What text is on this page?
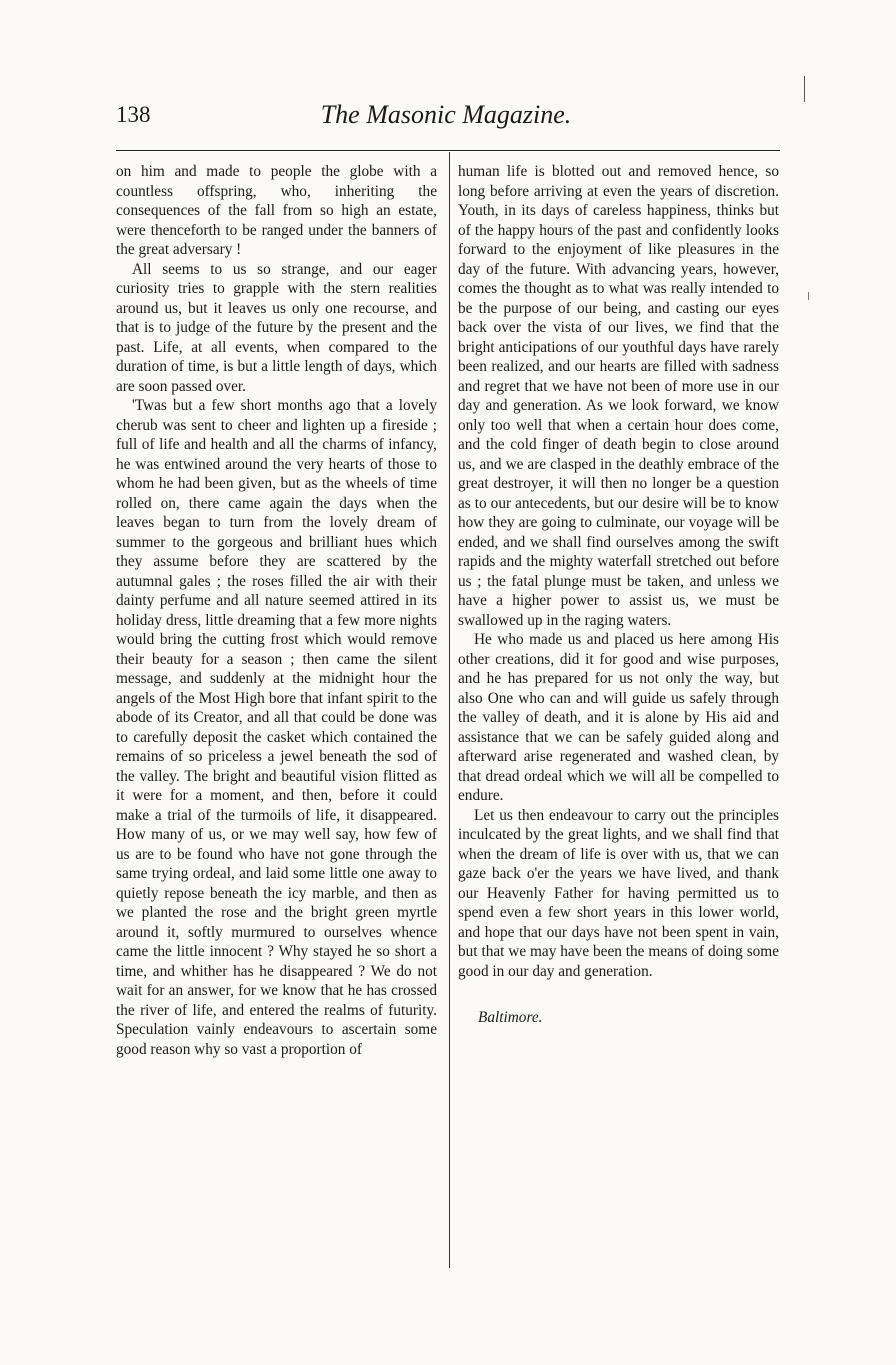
138	The Masonic Magazine.

on him and made to people the globe with a countless offspring, who, inheriting the consequences of the fall from so high an estate, were thenceforth to be ranged under the banners of the great adversary !

All seems to us so strange, and our eager curiosity tries to grapple with the stern realities around us, but it leaves us only one recourse, and that is to judge of the future by the present and the past. Life, at all events, when compared to the duration of time, is but a little length of days, which are soon passed over.

'Twas but a few short months ago that a lovely cherub was sent to cheer and lighten up a fireside ; full of life and health and all the charms of infancy, he was entwined around the very hearts of those to whom he had been given, but as the wheels of time rolled on, there came again the days when the leaves began to turn from the lovely dream of summer to the gorgeous and brilliant hues which they assume before they are scattered by the autumnal gales ; the roses filled the air with their dainty perfume and all nature seemed attired in its holiday dress, little dreaming that a few more nights would bring the cutting frost which would remove their beauty for a season ; then came the silent message, and suddenly at the midnight hour the angels of the Most High bore that infant spirit to the abode of its Creator, and all that could be done was to carefully deposit the casket which contained the remains of so priceless a jewel beneath the sod of the valley. The bright and beautiful vision flitted as it were for a moment, and then, before it could make a trial of the turmoils of life, it disappeared. How many of us, or we may well say, how few of us are to be found who have not gone through the same trying ordeal, and laid some little one away to quietly repose beneath the icy marble, and then as we planted the rose and the bright green myrtle around it, softly murmured to ourselves whence came the little innocent ? Why stayed he so short a time, and whither has he disappeared ? We do not wait for an answer, for we know that he has crossed the river of life, and entered the realms of futurity. Speculation vainly endeavours to ascertain some good reason why so vast a proportion of

human life is blotted out and removed hence, so long before arriving at even the years of discretion. Youth, in its days of careless happiness, thinks but of the happy hours of the past and confidently looks forward to the enjoyment of like pleasures in the day of the future. With advancing years, however, comes the thought as to what was really intended to be the purpose of our being, and casting our eyes back over the vista of our lives, we find that the bright anticipations of our youthful days have rarely been realized, and our hearts are filled with sadness and regret that we have not been of more use in our day and generation. As we look forward, we know only too well that when a certain hour does come, and the cold finger of death begin to close around us, and we are clasped in the deathly embrace of the great destroyer, it will then no longer be a question as to our antecedents, but our desire will be to know how they are going to culminate, our voyage will be ended, and we shall find ourselves among the swift rapids and the mighty waterfall stretched out before us ; the fatal plunge must be taken, and unless we have a higher power to assist us, we must be swallowed up in the raging waters.

He who made us and placed us here among His other creations, did it for good and wise purposes, and he has prepared for us not only the way, but also One who can and will guide us safely through the valley of death, and it is alone by His aid and assistance that we can be safely guided along and afterward arise regenerated and washed clean, by that dread ordeal which we will all be compelled to endure.

Let us then endeavour to carry out the principles inculcated by the great lights, and we shall find that when the dream of life is over with us, that we can gaze back o'er the years we have lived, and thank our Heavenly Father for having permitted us to spend even a few short years in this lower world, and hope that our days have not been spent in vain, but that we may have been the means of doing some good in our day and generation.

Baltimore.
